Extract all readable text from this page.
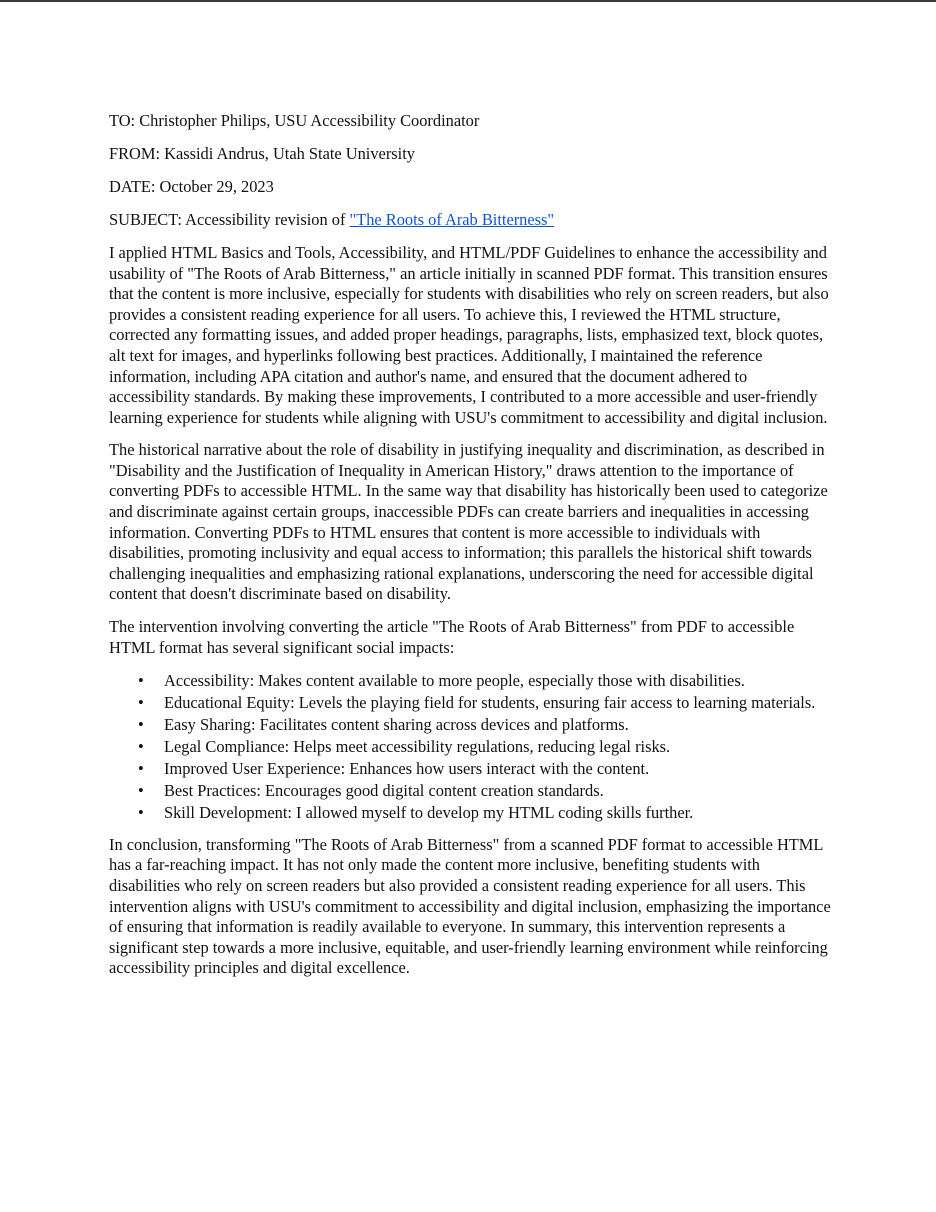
TO: Christopher Philips, USU Accessibility Coordinator

FROM: Kassidi Andrus, Utah State University

DATE: October 29, 2023

SUBJECT: Accessibility revision of "The Roots of Arab Bitterness"

I applied HTML Basics and Tools, Accessibility, and HTML/PDF Guidelines to enhance the accessibility and usability of "The Roots of Arab Bitterness," an article initially in scanned PDF format. This transition ensures that the content is more inclusive, especially for students with disabilities who rely on screen readers, but also provides a consistent reading experience for all users. To achieve this, I reviewed the HTML structure, corrected any formatting issues, and added proper headings, paragraphs, lists, emphasized text, block quotes, alt text for images, and hyperlinks following best practices. Additionally, I maintained the reference information, including APA citation and author's name, and ensured that the document adhered to accessibility standards. By making these improvements, I contributed to a more accessible and user-friendly learning experience for students while aligning with USU's commitment to accessibility and digital inclusion.

The historical narrative about the role of disability in justifying inequality and discrimination, as described in "Disability and the Justification of Inequality in American History," draws attention to the importance of converting PDFs to accessible HTML. In the same way that disability has historically been used to categorize and discriminate against certain groups, inaccessible PDFs can create barriers and inequalities in accessing information. Converting PDFs to HTML ensures that content is more accessible to individuals with disabilities, promoting inclusivity and equal access to information; this parallels the historical shift towards challenging inequalities and emphasizing rational explanations, underscoring the need for accessible digital content that doesn't discriminate based on disability.

The intervention involving converting the article "The Roots of Arab Bitterness" from PDF to accessible HTML format has several significant social impacts:

• Accessibility: Makes content available to more people, especially those with disabilities.
• Educational Equity: Levels the playing field for students, ensuring fair access to learning materials.
• Easy Sharing: Facilitates content sharing across devices and platforms.
• Legal Compliance: Helps meet accessibility regulations, reducing legal risks.
• Improved User Experience: Enhances how users interact with the content.
• Best Practices: Encourages good digital content creation standards.
• Skill Development: I allowed myself to develop my HTML coding skills further.

In conclusion, transforming "The Roots of Arab Bitterness" from a scanned PDF format to accessible HTML has a far-reaching impact. It has not only made the content more inclusive, benefiting students with disabilities who rely on screen readers but also provided a consistent reading experience for all users. This intervention aligns with USU's commitment to accessibility and digital inclusion, emphasizing the importance of ensuring that information is readily available to everyone. In summary, this intervention represents a significant step towards a more inclusive, equitable, and user-friendly learning environment while reinforcing accessibility principles and digital excellence.
